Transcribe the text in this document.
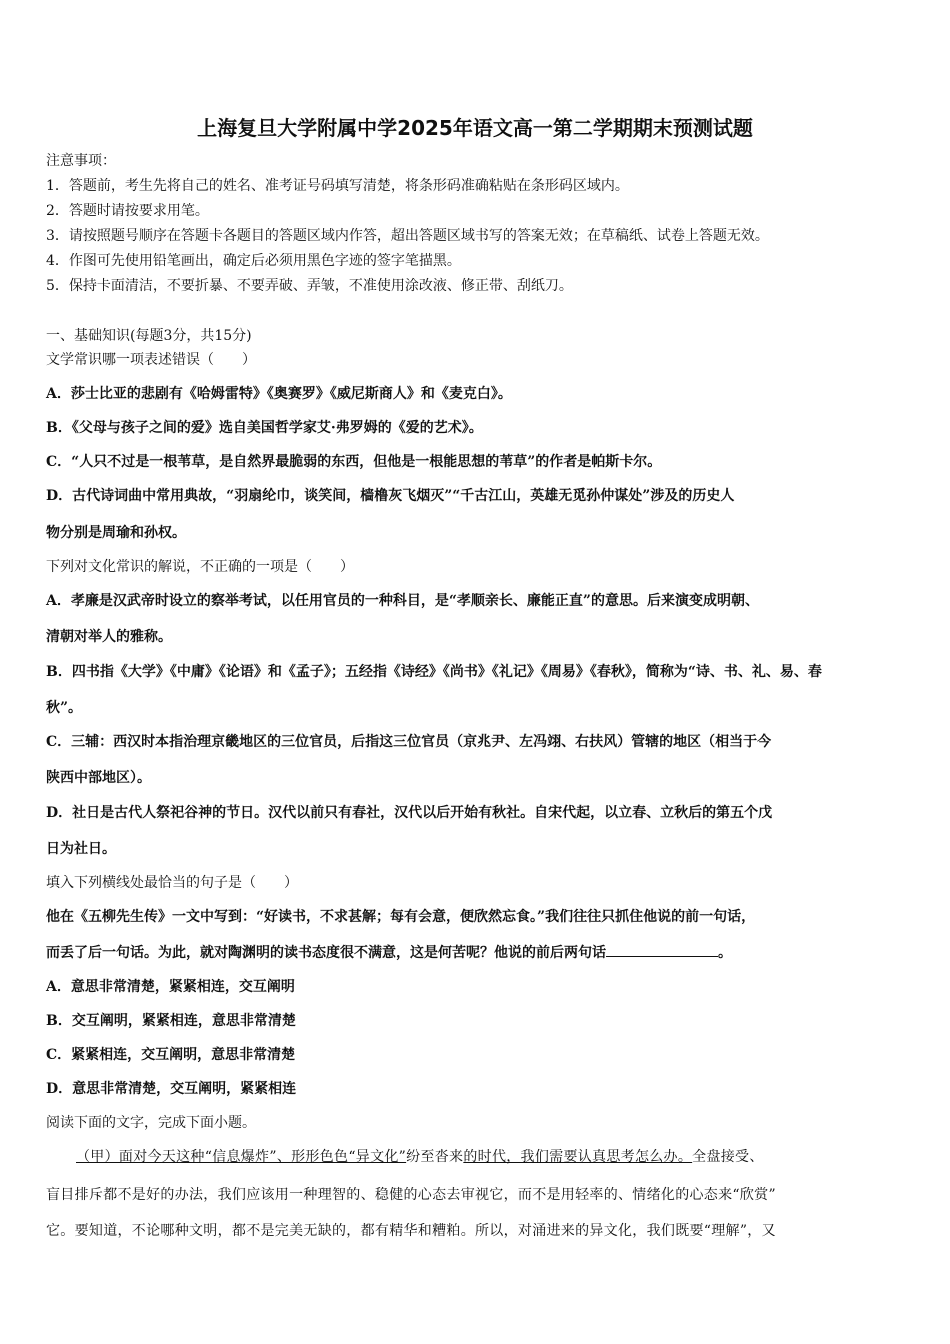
上海复旦大学附属中学2025年语文高一第二学期期末预测试题
注意事项：
1．答题前，考生先将自己的姓名、准考证号码填写清楚，将条形码准确粘贴在条形码区域内。
2．答题时请按要求用笔。
3．请按照题号顺序在答题卡各题目的答题区域内作答，超出答题区域书写的答案无效；在草稿纸、试卷上答题无效。
4．作图可先使用铅笔画出，确定后必须用黑色字迹的签字笔描黑。
5．保持卡面清洁，不要折暴、不要弄破、弄皱，不准使用涂改液、修正带、刮纸刀。
一、基础知识(每题3分，共15分)
文学常识哪一项表述错误（　　）
A．莎士比亚的悲剧有《哈姆雷特》《奥赛罗》《威尼斯商人》和《麦克白》。
B．《父母与孩子之间的爱》选自美国哲学家艾·弗罗姆的《爱的艺术》。
C．“人只不过是一根苇草，是自然界最脆弱的东西，但他是一根能思想的苇草”的作者是帕斯卡尔。
D．古代诗词曲中常用典故，“羽扇纶巾，谈笑间，樯橹灰飞烟灭”“千古江山，英雄无觅孙仲谋处”涉及的历史人
物分别是周瑜和孙权。
下列对文化常识的解说，不正确的一项是（　　）
A．孝廉是汉武帝时设立的察举考试，以任用官员的一种科目，是“孝顺亲长、廉能正直”的意思。后来演变成明朝、
清朝对举人的雅称。
B．四书指《大学》《中庸》《论语》和《孟子》；五经指《诗经》《尚书》《礼记》《周易》《春秋》，简称为“诗、书、礼、易、春
秋”。
C．三辅：西汉时本指治理京畿地区的三位官员，后指这三位官员（京兆尹、左冯翊、右扶风）管辖的地区（相当于今
陕西中部地区）。
D．社日是古代人祭祀谷神的节日。汉代以前只有春社，汉代以后开始有秋社。自宋代起，以立春、立秋后的第五个戊
日为社日。
填入下列横线处最恰当的句子是（　　）
他在《五柳先生传》一文中写到：“好读书，不求甚解；每有会意，便欣然忘食。”我们往往只抓住他说的前一句话，
而丢了后一句话。为此，就对陶渊明的读书态度很不满意，这是何苦呢？他说的前后两句话	。
A．意思非常清楚，紧紧相连，交互阐明
B．交互阐明，紧紧相连，意思非常清楚
C．紧紧相连，交互阐明，意思非常清楚
D．意思非常清楚，交互阐明，紧紧相连
阅读下面的文字，完成下面小题。
（甲）面对今天这种“信息爆炸”、形形色色“异文化”纷至沓来的时代，我们需要认真思考怎么办。全盘接受、
盲目排斥都不是好的办法，我们应该用一种理智的、稳健的心态去审视它，而不是用轻率的、情绪化的心态来“欣赏”
它。要知道，不论哪种文明，都不是完美无缺的，都有精华和糟粕。所以，对涌进来的异文化，我们既要“理解”，又
